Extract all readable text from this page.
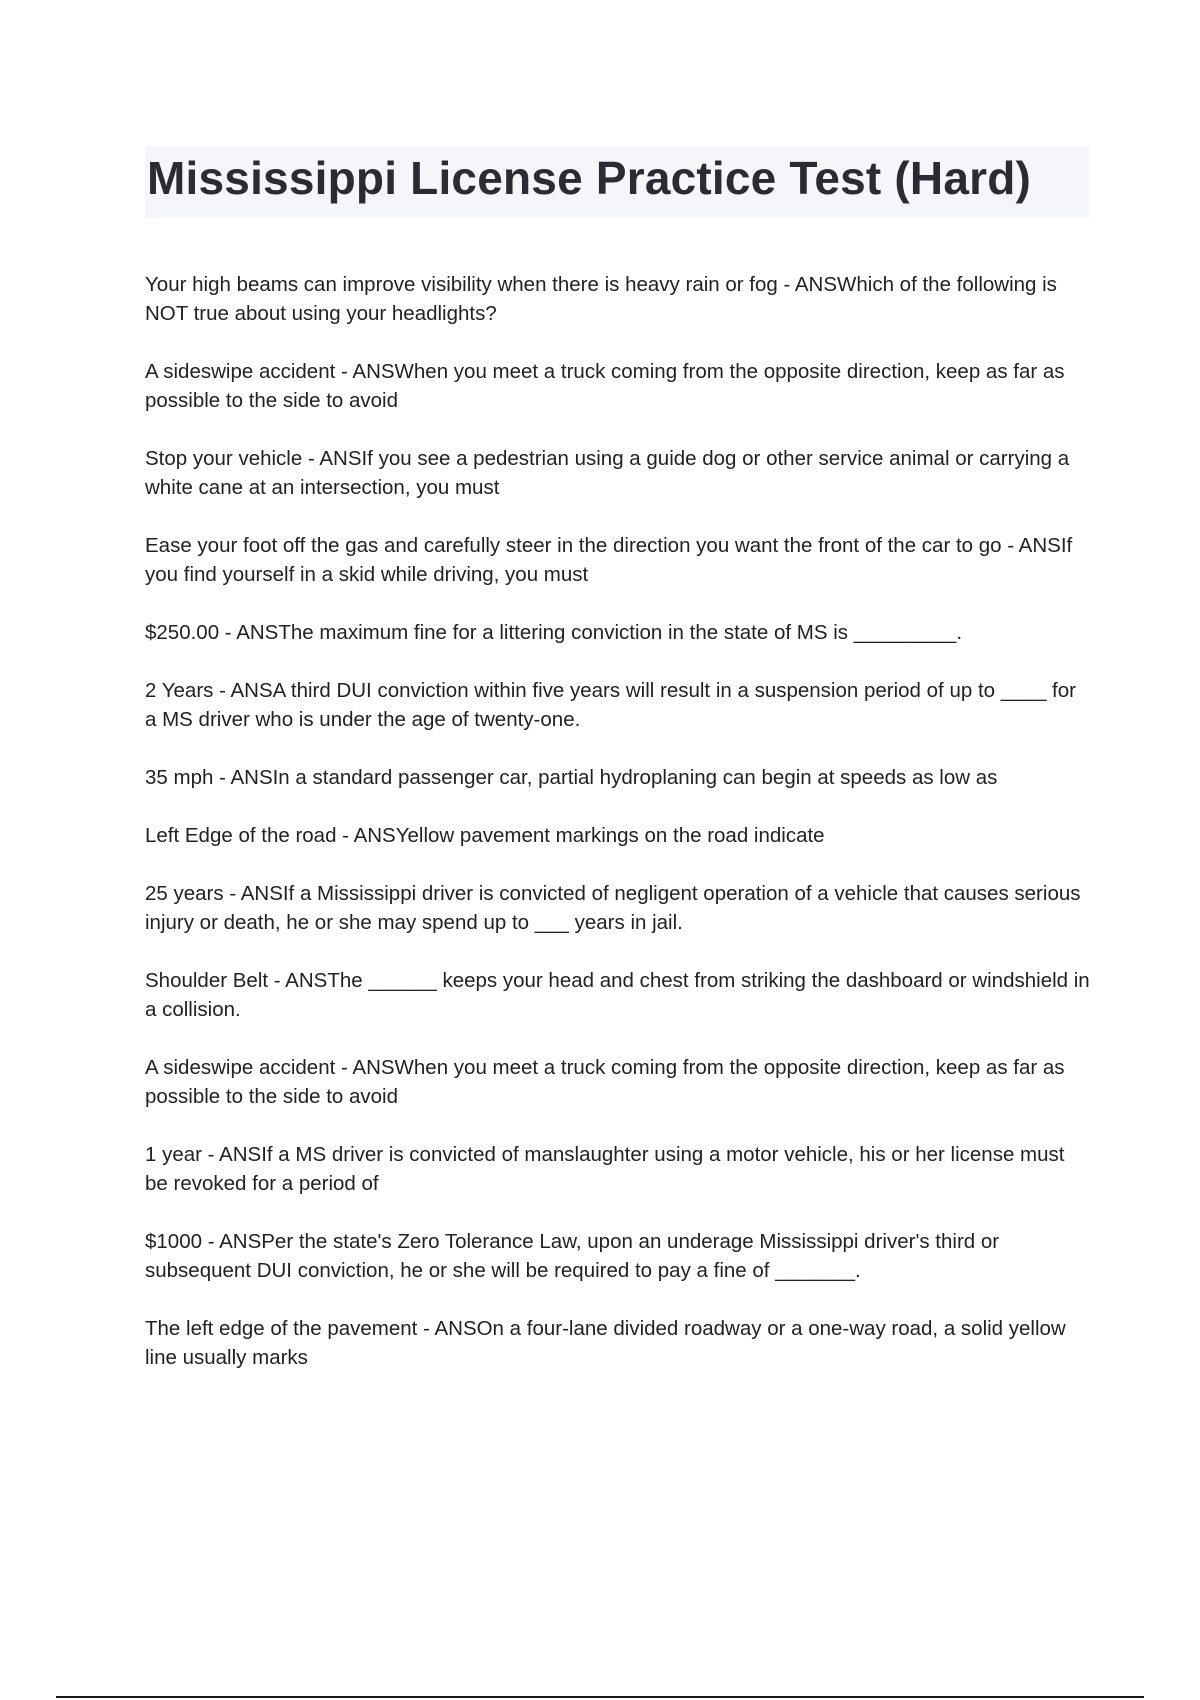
Mississippi License Practice Test (Hard)

Your high beams can improve visibility when there is heavy rain or fog - ANSWhich of the following is NOT true about using your headlights?

A sideswipe accident - ANSWhen you meet a truck coming from the opposite direction, keep as far as possible to the side to avoid

Stop your vehicle - ANSIf you see a pedestrian using a guide dog or other service animal or carrying a white cane at an intersection, you must

Ease your foot off the gas and carefully steer in the direction you want the front of the car to go - ANSIf you find yourself in a skid while driving, you must

$250.00 - ANSThe maximum fine for a littering conviction in the state of MS is _________.

2 Years - ANSA third DUI conviction within five years will result in a suspension period of up to ____ for a MS driver who is under the age of twenty-one.

35 mph - ANSIn a standard passenger car, partial hydroplaning can begin at speeds as low as

Left Edge of the road - ANSYellow pavement markings on the road indicate

25 years - ANSIf a Mississippi driver is convicted of negligent operation of a vehicle that causes serious injury or death, he or she may spend up to ___ years in jail.

Shoulder Belt - ANSThe ______ keeps your head and chest from striking the dashboard or windshield in a collision.

A sideswipe accident - ANSWhen you meet a truck coming from the opposite direction, keep as far as possible to the side to avoid

1 year - ANSIf a MS driver is convicted of manslaughter using a motor vehicle, his or her license must be revoked for a period of

$1000 - ANSPer the state's Zero Tolerance Law, upon an underage Mississippi driver's third or subsequent DUI conviction, he or she will be required to pay a fine of _______.

The left edge of the pavement - ANSOn a four-lane divided roadway or a one-way road, a solid yellow line usually marks
